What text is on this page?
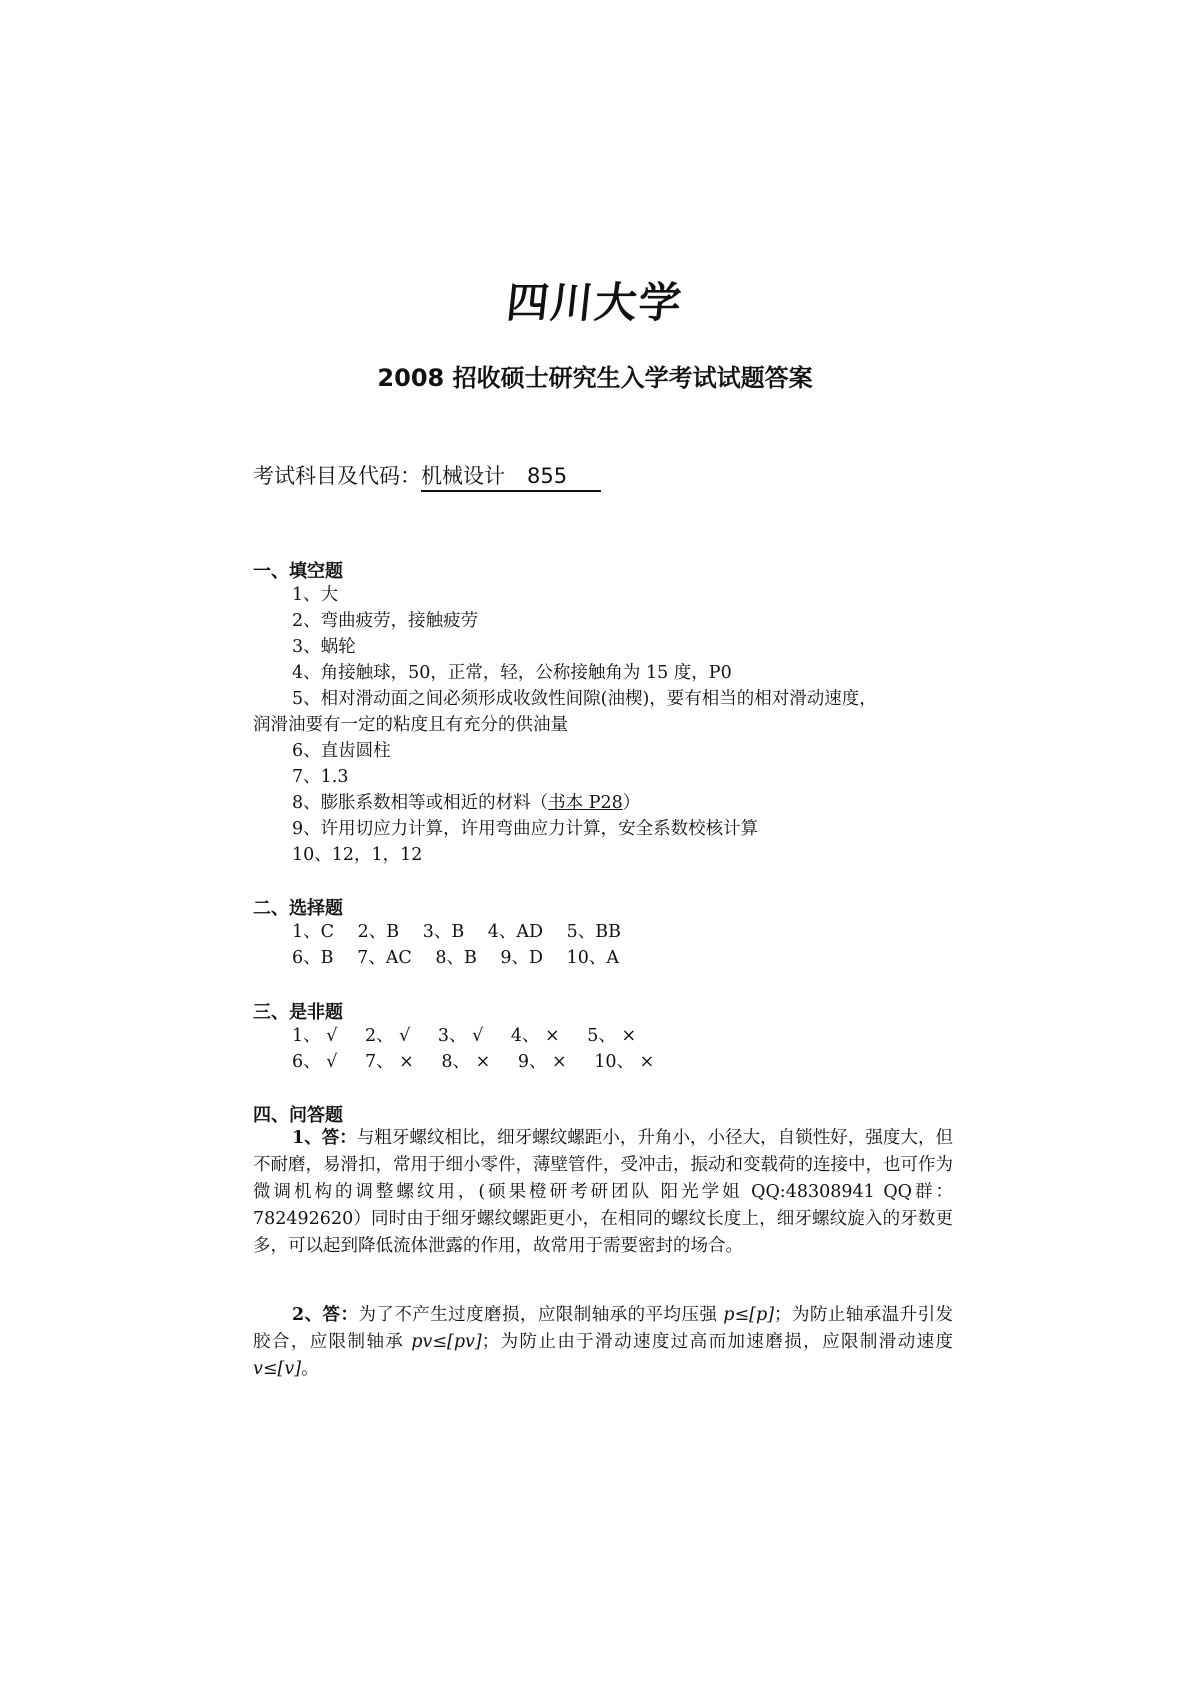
四川大学
2008 招收硕士研究生入学考试试题答案
考试科目及代码：机械设计 855
一、填空题
1、大
2、弯曲疲劳，接触疲劳
3、蜗轮
4、角接触球，50，正常，轻，公称接触角为 15 度，P0
5、相对滑动面之间必须形成收敛性间隙(油楔)，要有相当的相对滑动速度，
润滑油要有一定的粘度且有充分的供油量
6、直齿圆柱
7、1.3
8、膨胀系数相等或相近的材料（书本 P28）
9、许用切应力计算，许用弯曲应力计算，安全系数校核计算
10、12，1，12
二、选择题
1、C 2、B 3、B 4、AD 5、BB
6、B 7、AC 8、B 9、D 10、A
三、是非题
1、 √ 2、 √ 3、 √ 4、 × 5、 ×
6、 √ 7、 × 8、 × 9、 × 10、 ×
四、问答题
1、答：与粗牙螺纹相比，细牙螺纹螺距小，升角小，小径大，自锁性好，强度大，但不耐磨，易滑扣，常用于细小零件，薄壁管件，受冲击，振动和变载荷的连接中，也可作为微调机构的调整螺纹用，(硕果橙研考研团队 阳光学姐 QQ:48308941 QQ群：782492620）同时由于细牙螺纹螺距更小，在相同的螺纹长度上，细牙螺纹旋入的牙数更多，可以起到降低流体泄露的作用，故常用于需要密封的场合。
2、答：为了不产生过度磨损，应限制轴承的平均压强 p≤[p]；为防止轴承温升引发胶合，应限制轴承 pv≤[pv]；为防止由于滑动速度过高而加速磨损，应限制滑动速度 v≤[v]。
